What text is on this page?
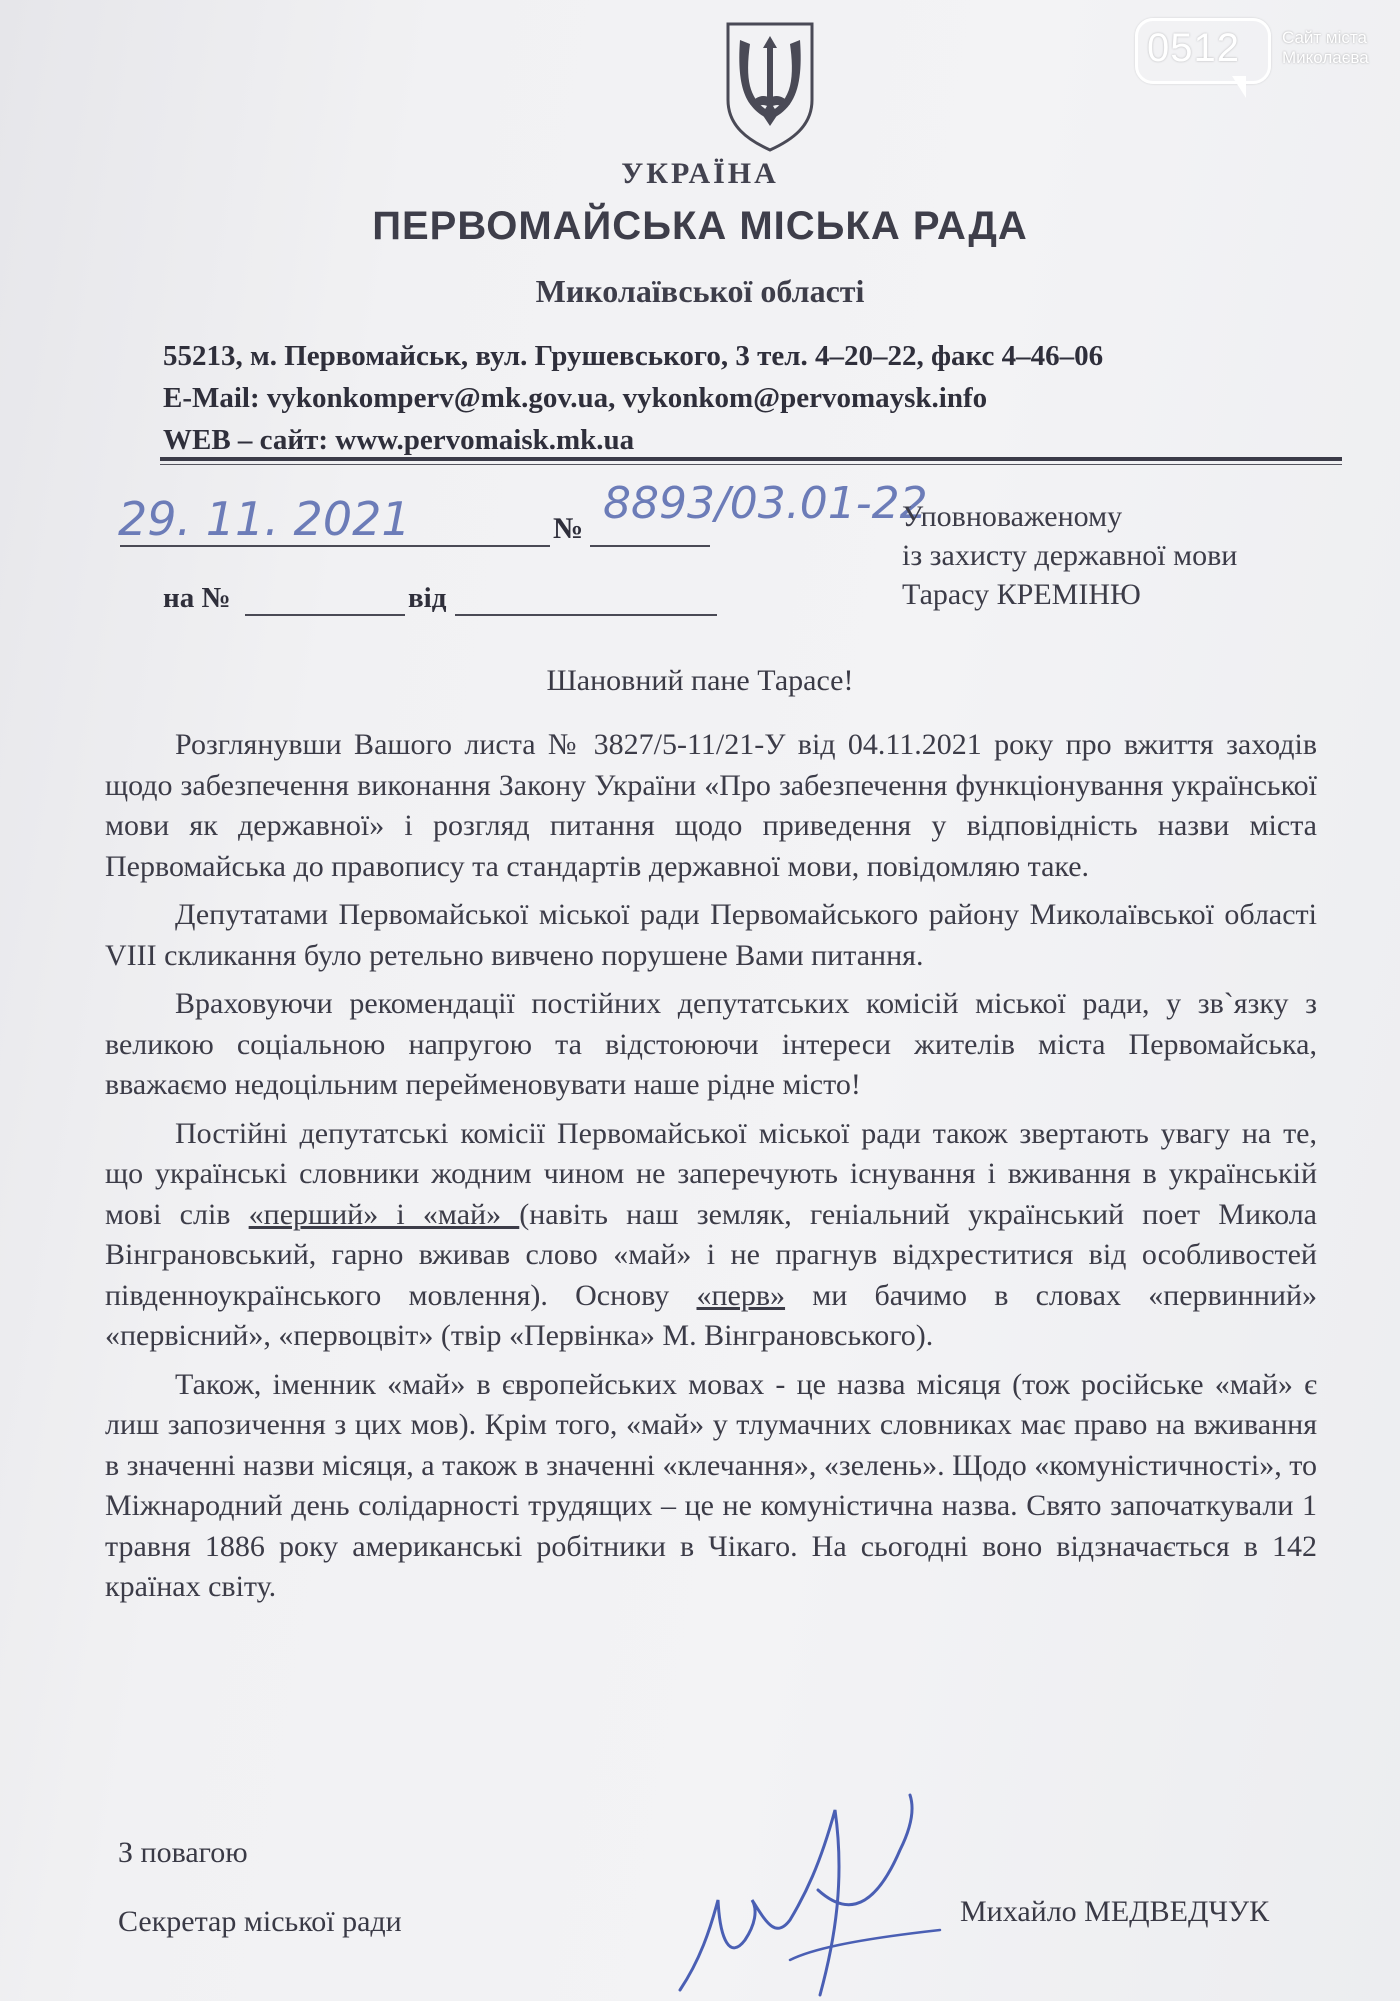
УКРАЇНА
ПЕРВОМАЙСЬКА МІСЬКА РАДА
Миколаївської області
55213, м. Первомайськ, вул. Грушевського, 3 тел. 4–20–22, факс 4–46–06
E-Mail: vykonkomperv@mk.gov.ua, vykonkom@pervomaysk.info
WEB – сайт: www.pervomaisk.mk.ua
29. 11. 2021	№ 8893/03.01-22
на №	від
Уповноваженому
із захисту державної мови
Тарасу КРЕМІНЮ
Шановний пане Тарасе!

Розглянувши Вашого листа № 3827/5-11/21-У від 04.11.2021 року про вжиття заходів щодо забезпечення виконання Закону України «Про забезпечення функціонування української мови як державної» і розгляд питання щодо приведення у відповідність назви міста Первомайська до правопису та стандартів державної мови, повідомляю таке.

Депутатами Первомайської міської ради Первомайського району Миколаївської області VIII скликання було ретельно вивчено порушене Вами питання.

Враховуючи рекомендації постійних депутатських комісій міської ради, у зв`язку з великою соціальною напругою та відстоюючи інтереси жителів міста Первомайська, вважаємо недоцільним перейменовувати наше рідне місто!

Постійні депутатські комісії Первомайської міської ради також звертають увагу на те, що українські словники жодним чином не заперечують існування і вживання в українській мові слів «перший» і «май» (навіть наш земляк, геніальний український поет Микола Вінграновський, гарно вживав слово «май» і не прагнув відхреститися від особливостей південноукраїнського мовлення). Основу «перв» ми бачимо в словах «первинний» «первісний», «первоцвіт» (твір «Первінка» М. Вінграновського).

Також, іменник «май» в європейських мовах - це назва місяця (тож російське «май» є лиш запозичення з цих мов). Крім того, «май» у тлумачних словниках має право на вживання в значенні назви місяця, а також в значенні «клечання», «зелень». Щодо «комуністичності», то Міжнародний день солідарності трудящих – це не комуністична назва. Свято започаткували 1 травня 1886 року американські робітники в Чікаго. На сьогодні воно відзначається в 142 країнах світу.

З повагою
Секретар міської ради	Михайло МЕДВЕДЧУК
0512 Сайт міста
Миколаєва
